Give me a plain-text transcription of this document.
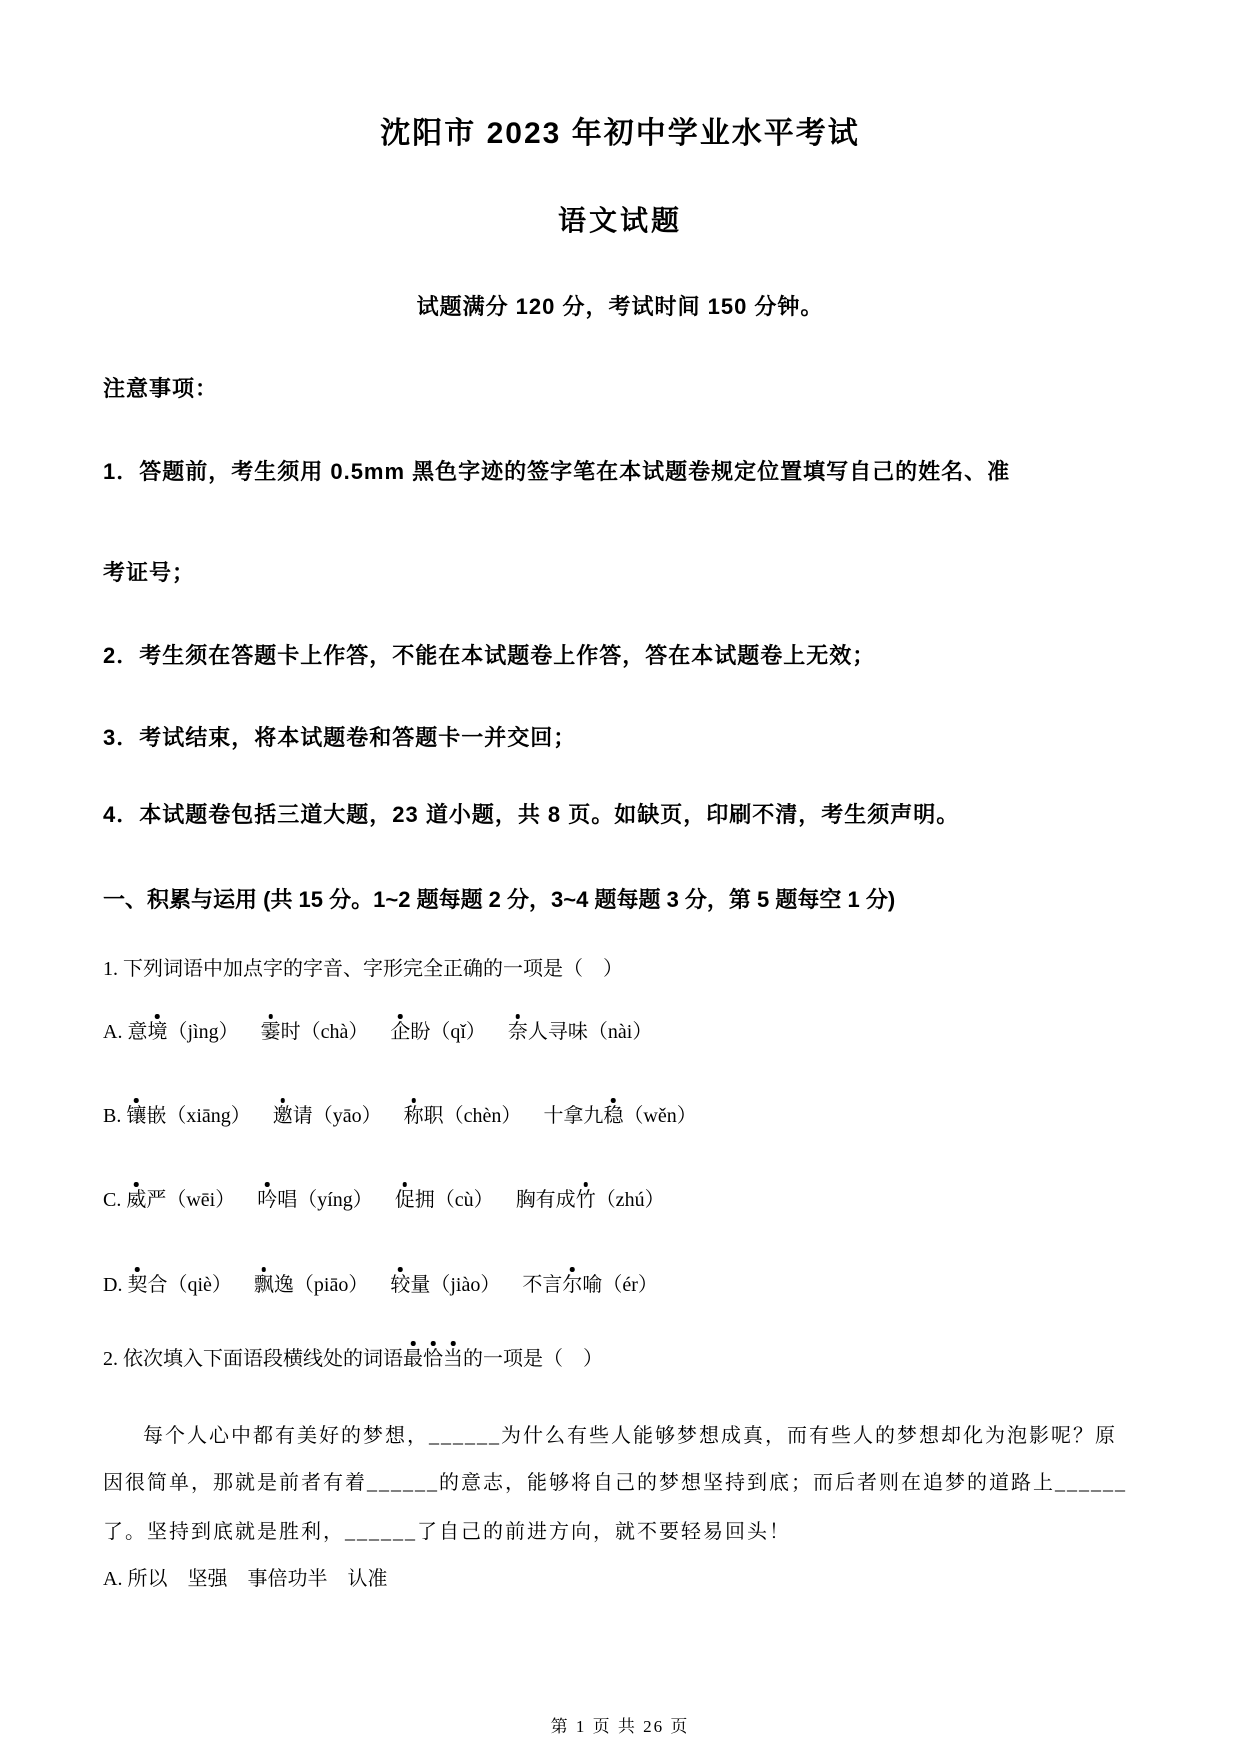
沈阳市 2023 年初中学业水平考试
语文试题
试题满分 120 分，考试时间 150 分钟。
注意事项：
1．答题前，考生须用 0.5mm 黑色字迹的签字笔在本试题卷规定位置填写自己的姓名、准
考证号；
2．考生须在答题卡上作答，不能在本试题卷上作答，答在本试题卷上无效；
3．考试结束，将本试题卷和答题卡一并交回；
4．本试题卷包括三道大题，23 道小题，共 8 页。如缺页，印刷不清，考生须声明。
一、积累与运用 (共 15 分。1~2 题每题 2 分，3~4 题每题 3 分，第 5 题每空 1 分)
1. 下列词语中加点字的字音、字形完全正确的一项是（　）
A. 意境（jìng） 霎时（chà） 企盼（qǐ） 奈人寻味（nài）
B. 镶嵌（xiāng） 邀请（yāo） 称职（chèn） 十拿九稳（wěn）
C. 威严（wēi） 吟唱（yíng） 促拥（cù） 胸有成竹（zhú）
D. 契合（qiè） 飘逸（piāo） 较量（jiào） 不言尔喻（ér）
2. 依次填入下面语段横线处的词语最恰当的一项是（　）
每个人心中都有美好的梦想，______为什么有些人能够梦想成真，而有些人的梦想却化为泡影呢？原
因很简单，那就是前者有着______的意志，能够将自己的梦想坚持到底；而后者则在追梦的道路上______
了。坚持到底就是胜利，______了自己的前进方向，就不要轻易回头！
A. 所以　坚强　事倍功半　认准
第 1 页 共 26 页
